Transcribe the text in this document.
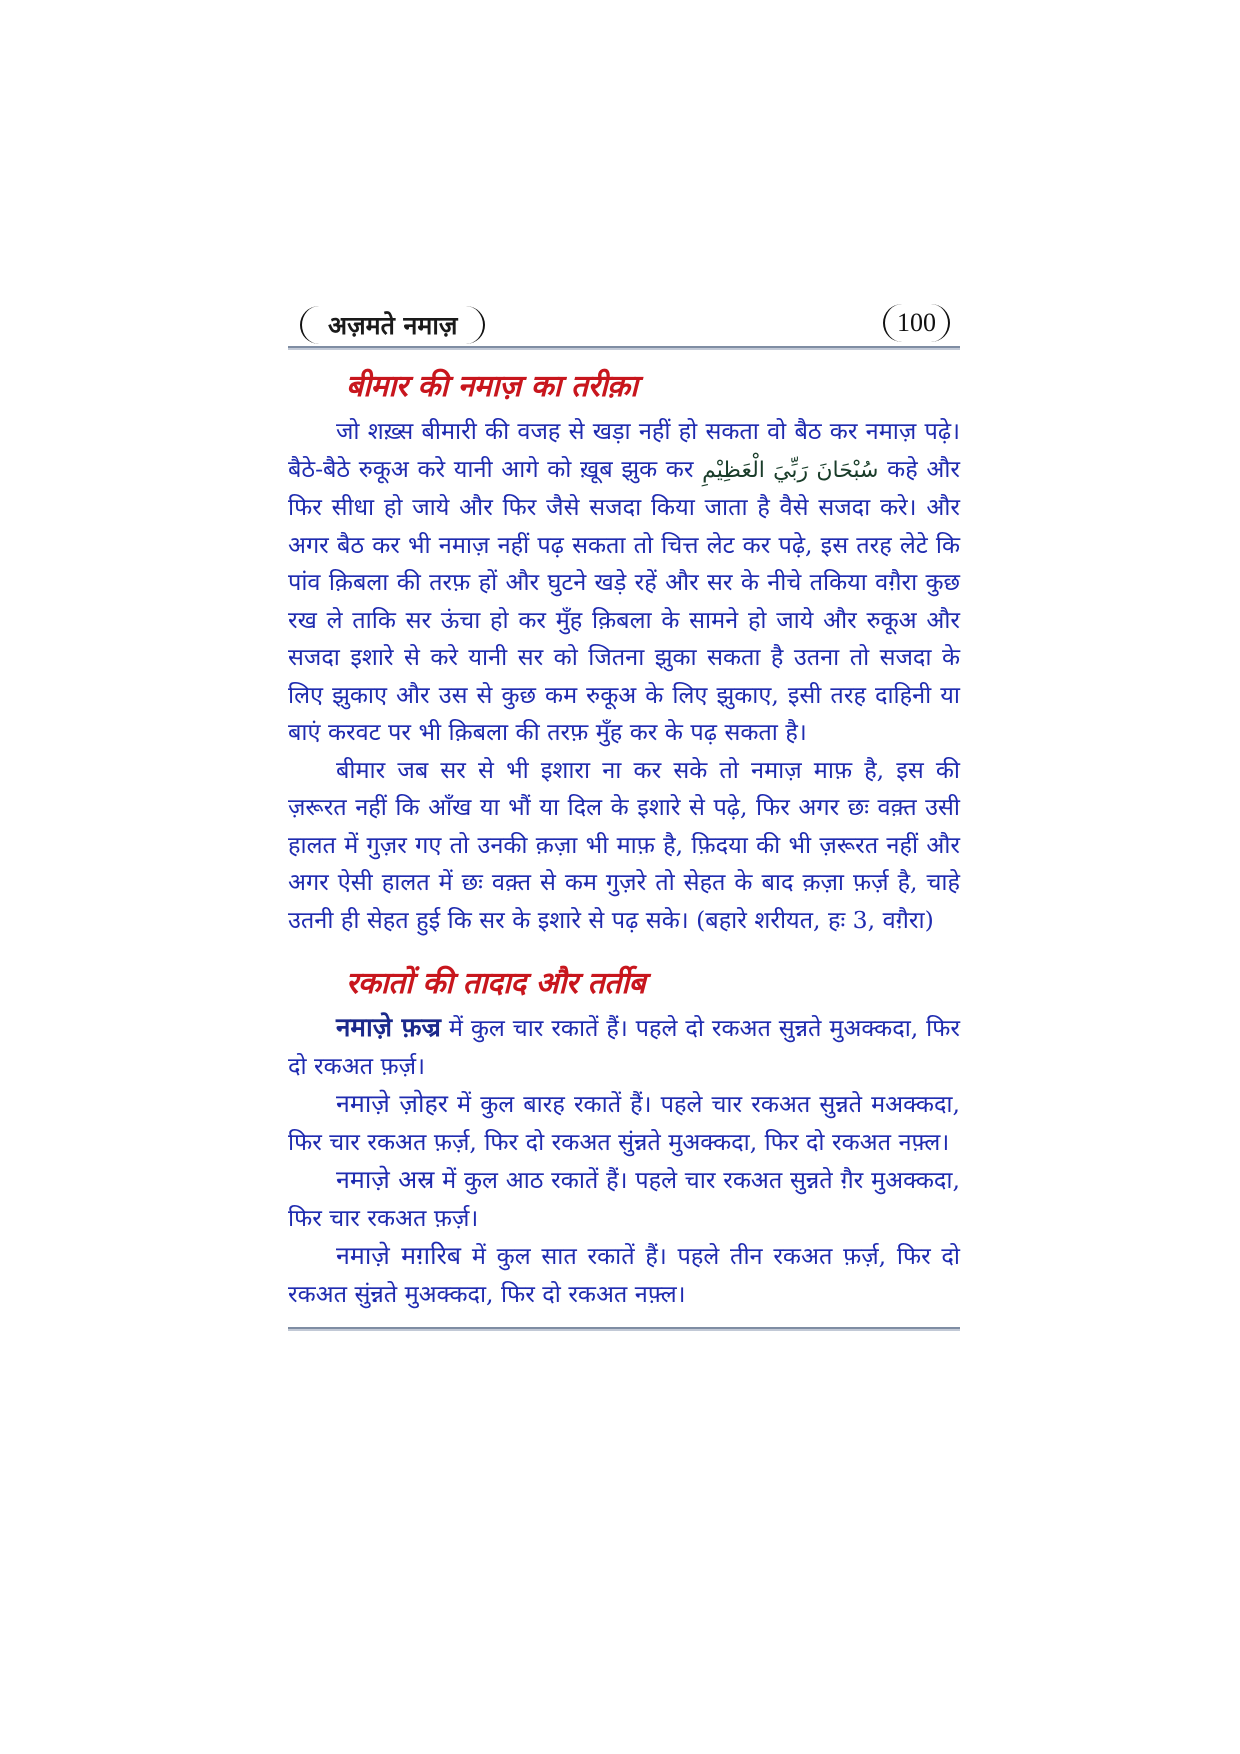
अज़मते नमाज़	100
बीमार की नमाज़ का तरीक़ा

जो शख़्स बीमारी की वजह से खड़ा नहीं हो सकता वो बैठ कर नमाज़ पढ़े। बैठे-बैठे रुकूअ करे यानी आगे को ख़ूब झुक कर سُبْحَانَ رَبِّيَ الْعَظِيْمِ कहे और फिर सीधा हो जाये और फिर जैसे सजदा किया जाता है वैसे सजदा करे। और अगर बैठ कर भी नमाज़ नहीं पढ़ सकता तो चित्त लेट कर पढ़े, इस तरह लेटे कि पांव क़िबला की तरफ़ हों और घुटने खड़े रहें और सर के नीचे तकिया वग़ैरा कुछ रख ले ताकि सर ऊंचा हो कर मुँह क़िबला के सामने हो जाये और रुकूअ और सजदा इशारे से करे यानी सर को जितना झुका सकता है उतना तो सजदा के लिए झुकाए और उस से कुछ कम रुकूअ के लिए झुकाए, इसी तरह दाहिनी या बाएं करवट पर भी क़िबला की तरफ़ मुँह कर के पढ़ सकता है।

बीमार जब सर से भी इशारा ना कर सके तो नमाज़ माफ़ है, इस की ज़रूरत नहीं कि आँख या भौं या दिल के इशारे से पढ़े, फिर अगर छः वक़्त उसी हालत में गुज़र गए तो उनकी क़ज़ा भी माफ़ है, फ़िदया की भी ज़रूरत नहीं और अगर ऐसी हालत में छः वक़्त से कम गुज़रे तो सेहत के बाद क़ज़ा फ़र्ज़ है, चाहे उतनी ही सेहत हुई कि सर के इशारे से पढ़ सके। (बहारे शरीयत, हः 3, वग़ैरा)

रकातों की तादाद और तर्तीब

नमाज़े फ़ज्र में कुल चार रकातें हैं। पहले दो रकअत सुन्नते मुअक्कदा, फिर दो रकअत फ़र्ज़।

नमाज़े ज़ोहर में कुल बारह रकातें हैं। पहले चार रकअत सुन्नते मअक्कदा, फिर चार रकअत फ़र्ज़, फिर दो रकअत सुंन्नते मुअक्कदा, फिर दो रकअत नफ़्ल।

नमाज़े अस्र में कुल आठ रकातें हैं। पहले चार रकअत सुन्नते ग़ैर मुअक्कदा, फिर चार रकअत फ़र्ज़।

नमाज़े मग़रिब में कुल सात रकातें हैं। पहले तीन रकअत फ़र्ज़, फिर दो रकअत सुंन्नते मुअक्कदा, फिर दो रकअत नफ़्ल।
